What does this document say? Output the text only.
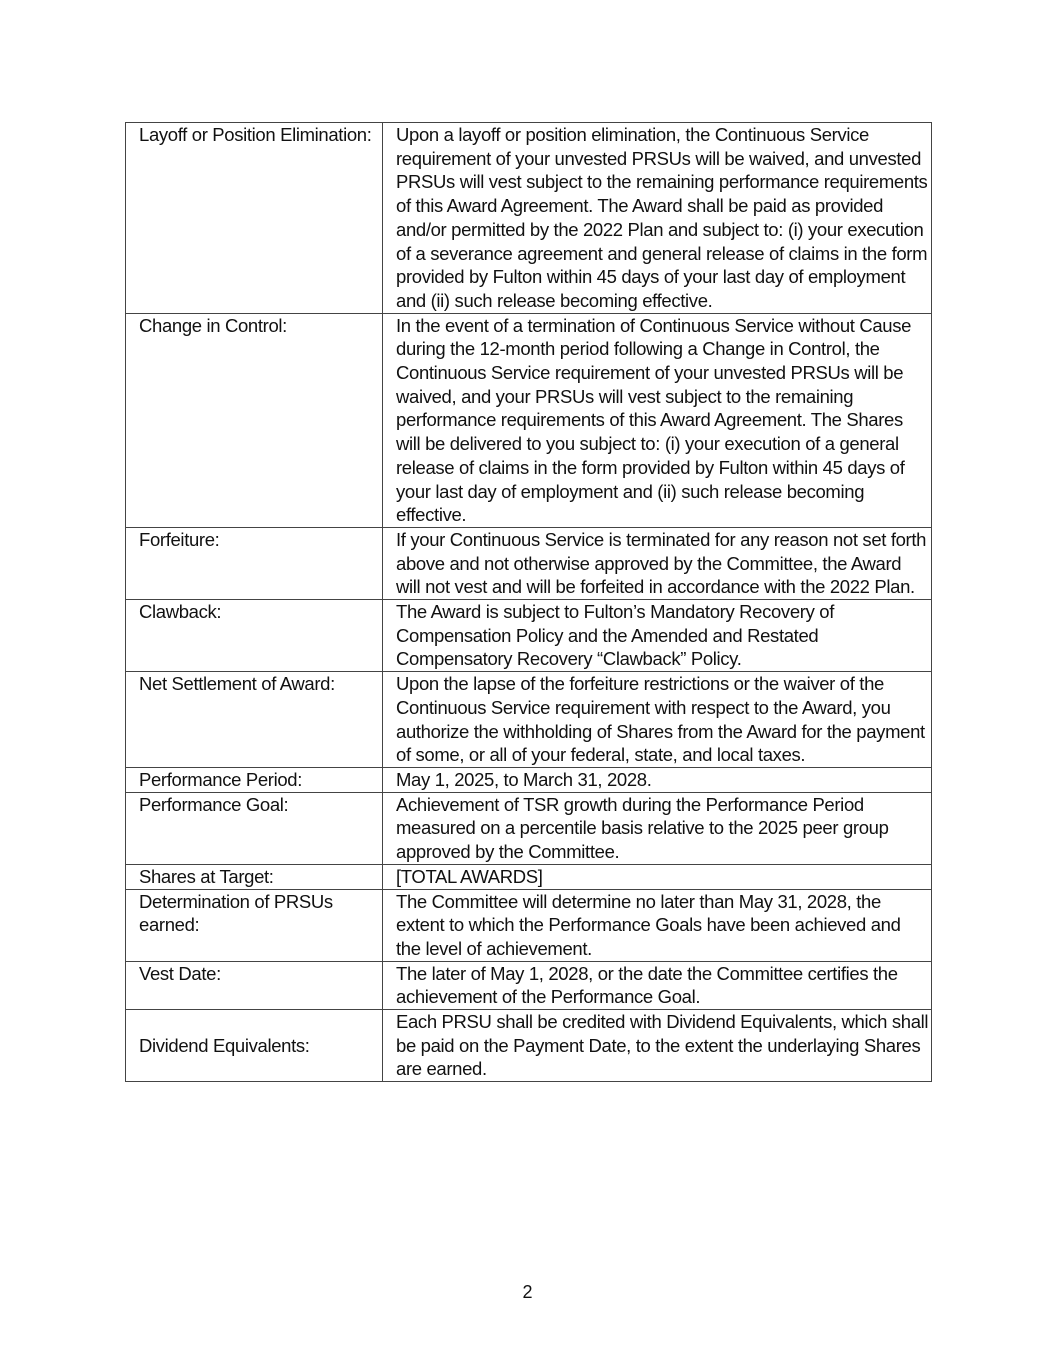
Layoff or Position Elimination:	Upon a layoff or position elimination, the Continuous Service requirement of your unvested PRSUs will be waived, and unvested PRSUs will vest subject to the remaining performance requirements of this Award Agreement. The Award shall be paid as provided and/or permitted by the 2022 Plan and subject to: (i) your execution of a severance agreement and general release of claims in the form provided by Fulton within 45 days of your last day of employment and (ii) such release becoming effective.
Change in Control:	In the event of a termination of Continuous Service without Cause during the 12-month period following a Change in Control, the Continuous Service requirement of your unvested PRSUs will be waived, and your PRSUs will vest subject to the remaining performance requirements of this Award Agreement. The Shares will be delivered to you subject to: (i) your execution of a general release of claims in the form provided by Fulton within 45 days of your last day of employment and (ii) such release becoming effective.
Forfeiture:	If your Continuous Service is terminated for any reason not set forth above and not otherwise approved by the Committee, the Award will not vest and will be forfeited in accordance with the 2022 Plan.
Clawback:	The Award is subject to Fulton’s Mandatory Recovery of Compensation Policy and the Amended and Restated Compensatory Recovery “Clawback” Policy.
Net Settlement of Award:	Upon the lapse of the forfeiture restrictions or the waiver of the Continuous Service requirement with respect to the Award, you authorize the withholding of Shares from the Award for the payment of some, or all of your federal, state, and local taxes.
Performance Period:	May 1, 2025, to March 31, 2028.
Performance Goal:	Achievement of TSR growth during the Performance Period measured on a percentile basis relative to the 2025 peer group approved by the Committee.
Shares at Target:	[TOTAL AWARDS]
Determination of PRSUs earned:	The Committee will determine no later than May 31, 2028, the extent to which the Performance Goals have been achieved and the level of achievement.
Vest Date:	The later of May 1, 2028, or the date the Committee certifies the achievement of the Performance Goal.
Dividend Equivalents:	Each PRSU shall be credited with Dividend Equivalents, which shall be paid on the Payment Date, to the extent the underlaying Shares are earned.
2
